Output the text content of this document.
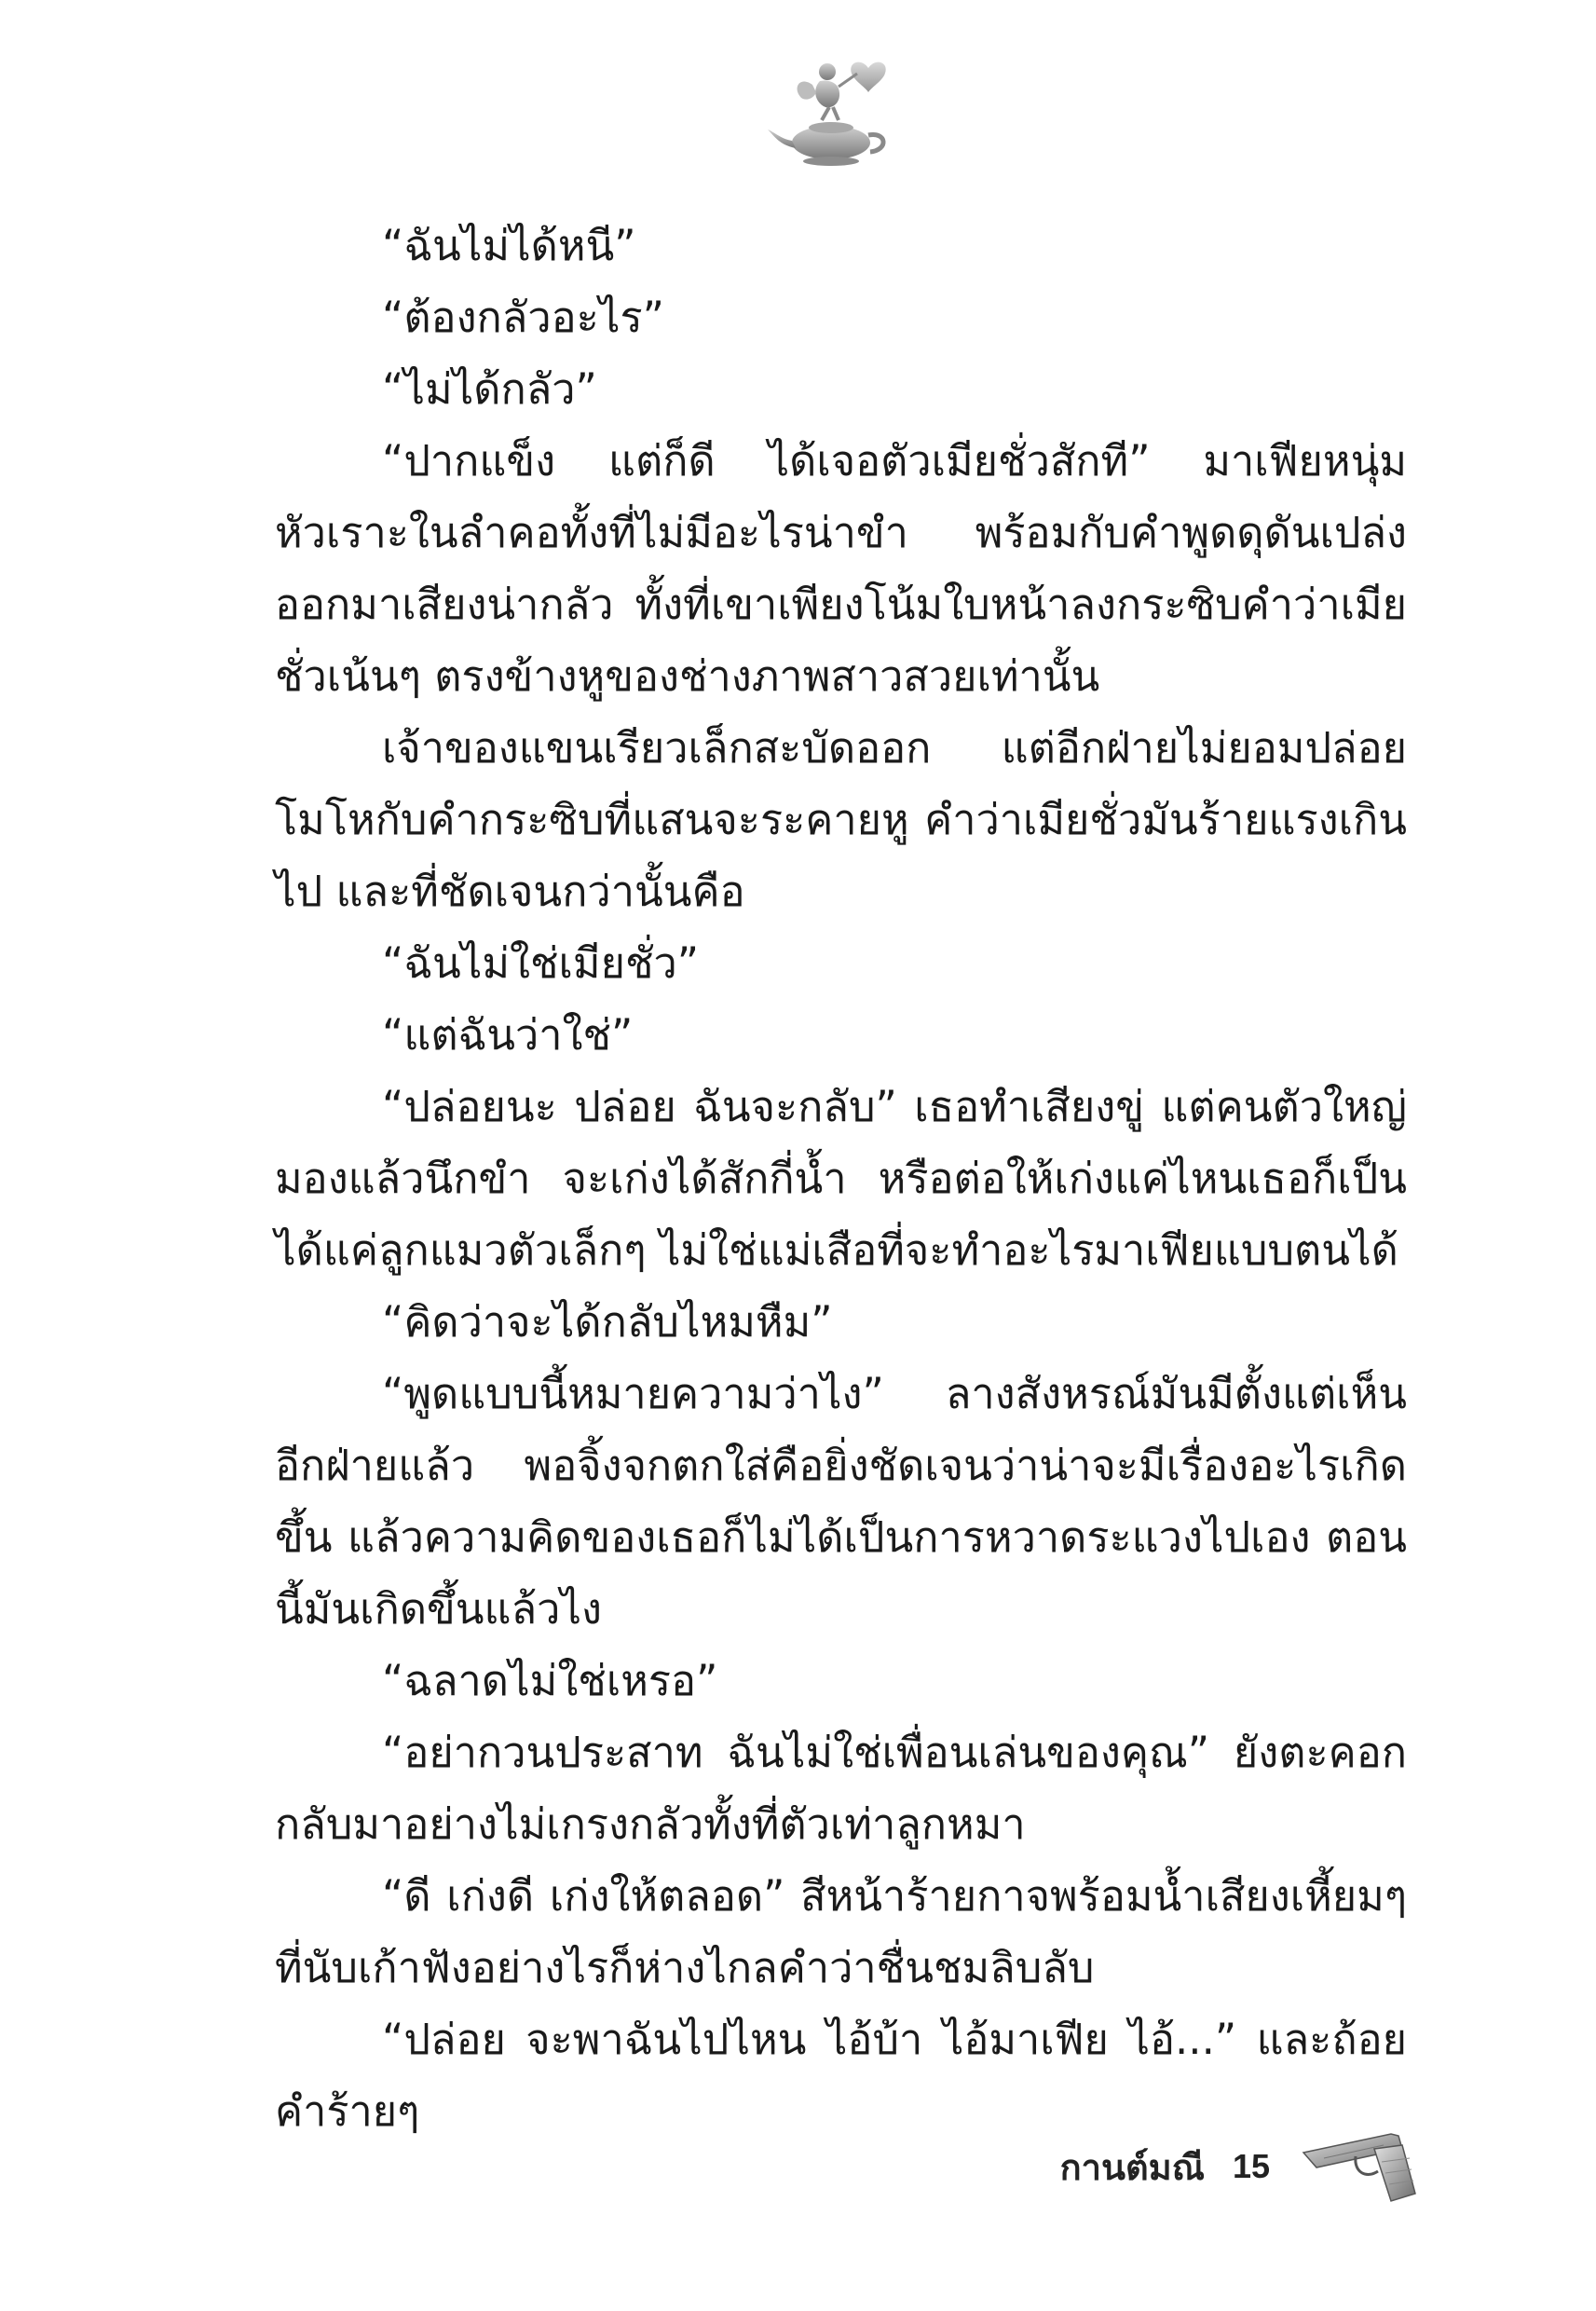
“ฉันไม่ได้หนี”

“ต้องกลัวอะไร”

“ไม่ได้กลัว”

“ปากแข็ง แต่ก็ดี ได้เจอตัวเมียชั่วสักที” มาเฟียหนุ่มหัวเราะในลำคอทั้งที่ไม่มีอะไรน่าขำ พร้อมกับคำพูดดุดันเปล่งออกมาเสียงน่ากลัว ทั้งที่เขาเพียงโน้มใบหน้าลงกระซิบคำว่าเมียชั่วเน้นๆ ตรงข้างหูของช่างภาพสาวสวยเท่านั้น

เจ้าของแขนเรียวเล็กสะบัดออก แต่อีกฝ่ายไม่ยอมปล่อย โมโหกับคำกระซิบที่แสนจะระคายหู คำว่าเมียชั่วมันร้ายแรงเกินไป และที่ชัดเจนกว่านั้นคือ

“ฉันไม่ใช่เมียชั่ว”

“แต่ฉันว่าใช่”

“ปล่อยนะ ปล่อย ฉันจะกลับ” เธอทำเสียงขู่ แต่คนตัวใหญ่มองแล้วนึกขำ จะเก่งได้สักกี่น้ำ หรือต่อให้เก่งแค่ไหนเธอก็เป็นได้แค่ลูกแมวตัวเล็กๆ ไม่ใช่แม่เสือที่จะทำอะไรมาเฟียแบบตนได้

“คิดว่าจะได้กลับไหมหืม”

“พูดแบบนี้หมายความว่าไง” ลางสังหรณ์มันมีตั้งแต่เห็นอีกฝ่ายแล้ว พอจิ้งจกตกใส่คือยิ่งชัดเจนว่าน่าจะมีเรื่องอะไรเกิดขึ้น แล้วความคิดของเธอก็ไม่ได้เป็นการหวาดระแวงไปเอง ตอนนี้มันเกิดขึ้นแล้วไง

“ฉลาดไม่ใช่เหรอ”

“อย่ากวนประสาท ฉันไม่ใช่เพื่อนเล่นของคุณ” ยังตะคอกกลับมาอย่างไม่เกรงกลัวทั้งที่ตัวเท่าลูกหมา

“ดี เก่งดี เก่งให้ตลอด” สีหน้าร้ายกาจพร้อมน้ำเสียงเหี้ยมๆ ที่นับเก้าฟังอย่างไรก็ห่างไกลคำว่าชื่นชมลิบลับ

“ปล่อย จะพาฉันไปไหน ไอ้บ้า ไอ้มาเฟีย ไอ้...” และถ้อยคำร้ายๆ

กานต์มณี 15
